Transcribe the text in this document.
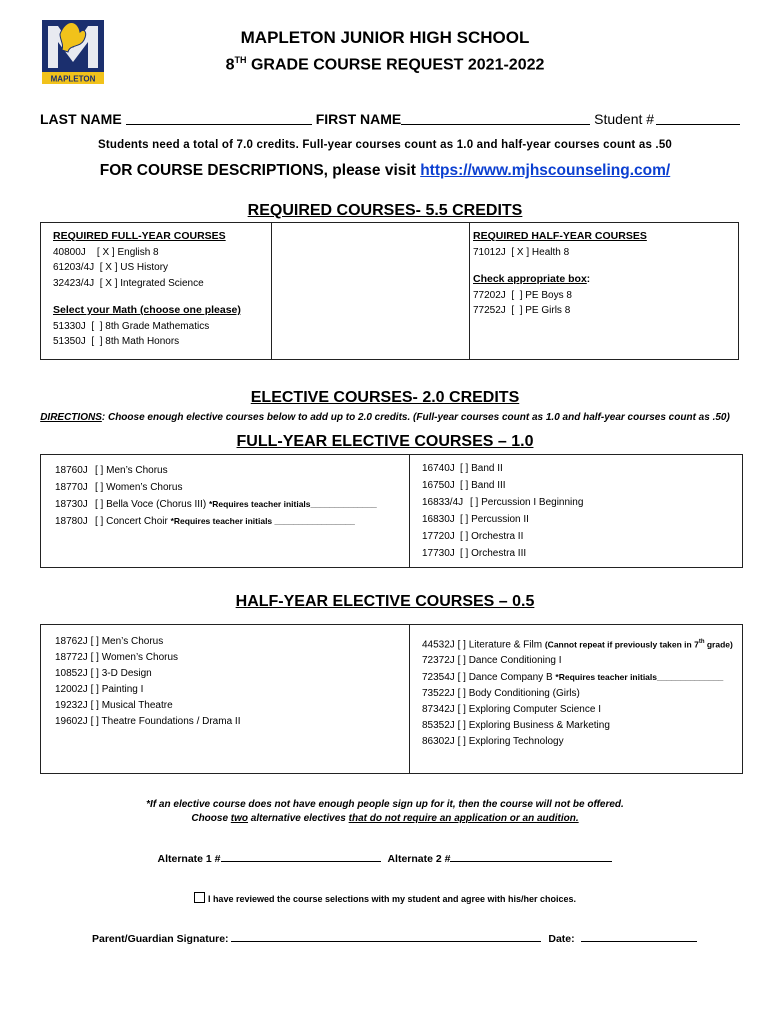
MAPLETON
MAPLETON JUNIOR HIGH SCHOOL
8TH GRADE COURSE REQUEST 2021-2022
LAST NAME	FIRST NAME	Student #
Students need a total of 7.0 credits. Full-year courses count as 1.0 and half-year courses count as .50
FOR COURSE DESCRIPTIONS, please visit https://www.mjhscounseling.com/
REQUIRED COURSES- 5.5 CREDITS
REQUIRED FULL-YEAR COURSES
40800J    [ X ] English 8
61203/4J  [ X ] US History
32423/4J  [ X ] Integrated Science
Select your Math (choose one please)
51330J  [  ] 8th Grade Mathematics
51350J  [  ] 8th Math Honors
REQUIRED HALF-YEAR COURSES
71012J  [ X ] Health 8
Check appropriate box:
77202J  [  ] PE Boys 8
77252J  [  ] PE Girls 8
ELECTIVE COURSES- 2.0 CREDITS
DIRECTIONS: Choose enough elective courses below to add up to 2.0 credits. (Full-year courses count as 1.0 and half-year courses count as .50)
FULL-YEAR ELECTIVE COURSES – 1.0
18760J [ ] Men’s Chorus
18770J [ ] Women’s Chorus
18730J [ ] Bella Voce (Chorus III) *Requires teacher initials______________
18780J [ ] Concert Choir *Requires teacher initials _________________
16740J [ ] Band II
16750J [ ] Band III
16833/4J [ ] Percussion I Beginning
16830J [ ] Percussion II
17720J [ ] Orchestra II
17730J [ ] Orchestra III
HALF-YEAR ELECTIVE COURSES – 0.5
18762J [ ] Men’s Chorus
18772J [ ] Women’s Chorus
10852J [ ] 3-D Design
12002J [ ] Painting I
19232J [ ] Musical Theatre
19602J [ ] Theatre Foundations / Drama II
44532J [ ] Literature & Film (Cannot repeat if previously taken in 7th grade)
72372J [ ] Dance Conditioning I
72354J [ ] Dance Company B *Requires teacher initials______________
73522J [ ] Body Conditioning (Girls)
87342J [ ] Exploring Computer Science I
85352J [ ] Exploring Business & Marketing
86302J [ ] Exploring Technology
*If an elective course does not have enough people sign up for it, then the course will not be offered.
Choose two alternative electives that do not require an application or an audition.
Alternate 1 #	Alternate 2 #
I have reviewed the course selections with my student and agree with his/her choices.
Parent/Guardian Signature:	Date:
